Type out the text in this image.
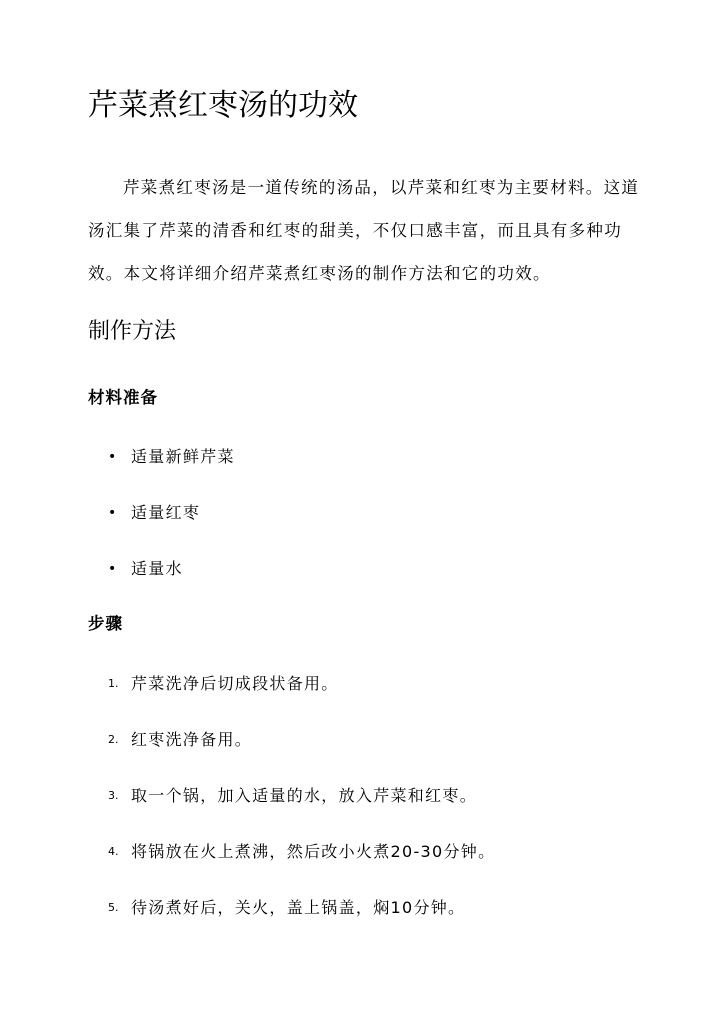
芹菜煮红枣汤的功效

芹菜煮红枣汤是一道传统的汤品，以芹菜和红枣为主要材料。这道汤汇集了芹菜的清香和红枣的甜美，不仅口感丰富，而且具有多种功效。本文将详细介绍芹菜煮红枣汤的制作方法和它的功效。

制作方法
材料准备
• 适量新鲜芹菜
• 适量红枣
• 适量水
步骤
1. 芹菜洗净后切成段状备用。
2. 红枣洗净备用。
3. 取一个锅，加入适量的水，放入芹菜和红枣。
4. 将锅放在火上煮沸，然后改小火煮20-30分钟。
5. 待汤煮好后，关火，盖上锅盖，焖10分钟。
